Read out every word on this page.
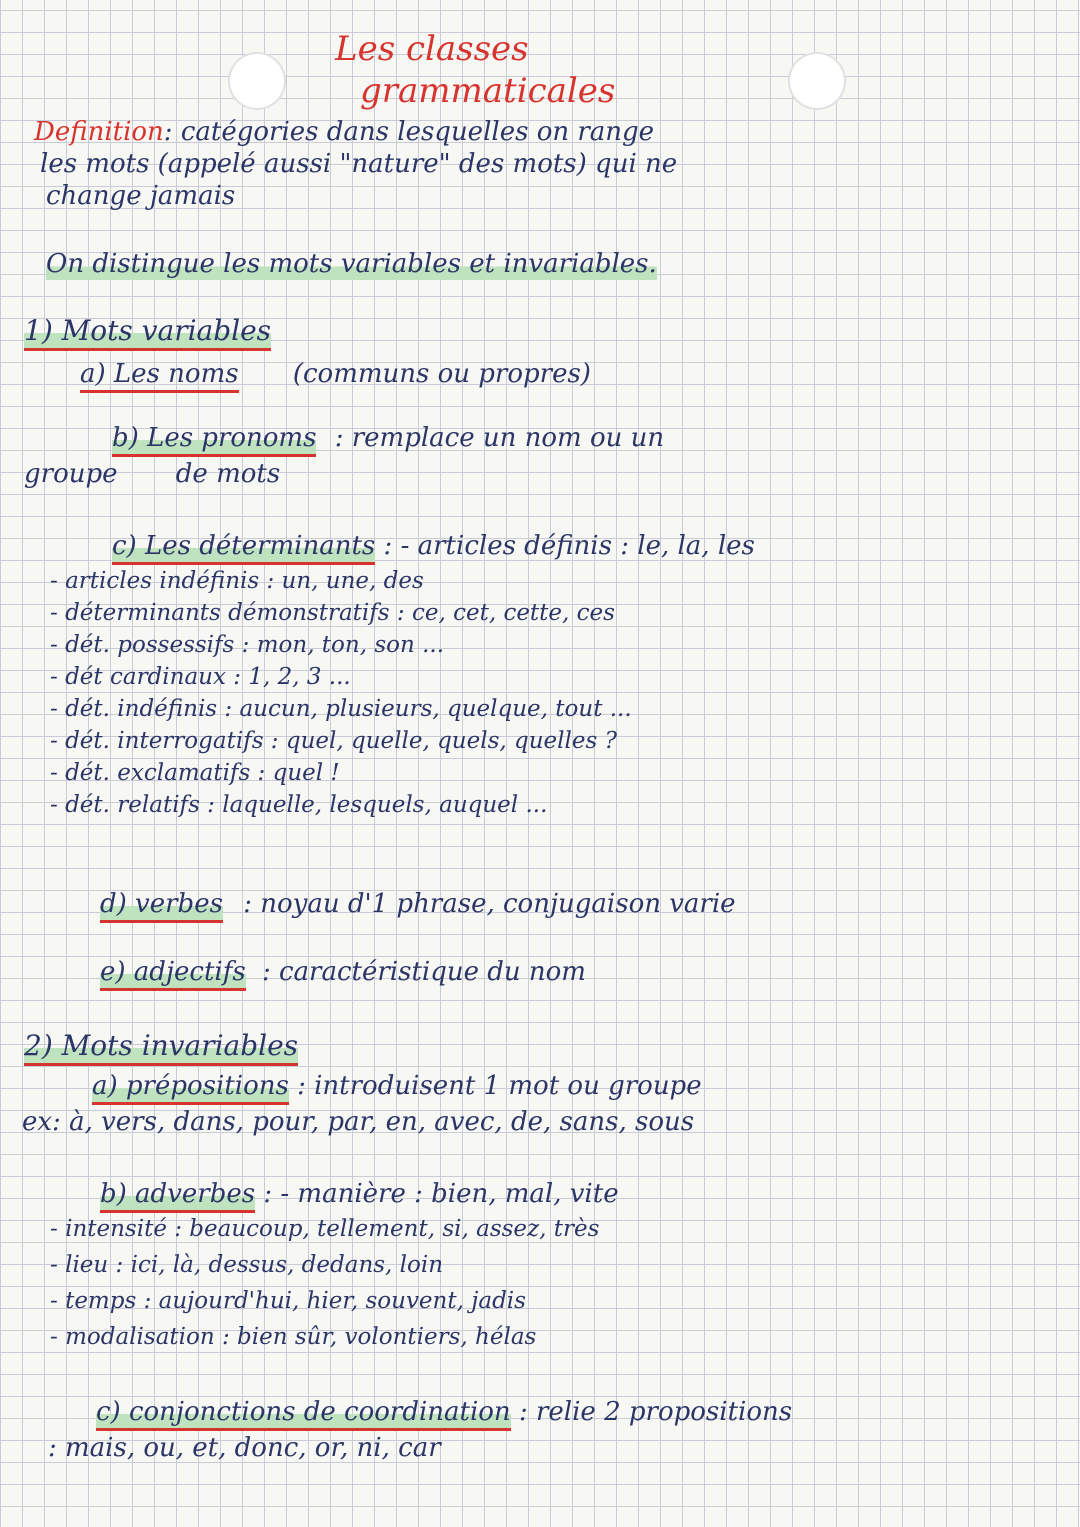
Les classes
grammaticales
Definition: catégories dans lesquelles on range
les mots (appelé aussi "nature" des mots) qui ne
change jamais
On distingue les mots variables et invariables.
1) Mots variables
a) Les noms (communs ou propres)
b) Les pronoms : remplace un nom ou un
groupe de mots
c) Les déterminants : - articles définis : le, la, les
- articles indéfinis : un, une, des
- déterminants démonstratifs : ce, cet, cette, ces
- dét. possessifs : mon, ton, son ...
- dét cardinaux : 1, 2, 3 ...
- dét. indéfinis : aucun, plusieurs, quelque, tout ...
- dét. interrogatifs : quel, quelle, quels, quelles ?
- dét. exclamatifs : quel !
- dét. relatifs : laquelle, lesquels, auquel ...
d) verbes : noyau d'1 phrase, conjugaison varie
e) adjectifs : caractéristique du nom
2) Mots invariables
a) prépositions : introduisent 1 mot ou groupe
ex: à, vers, dans, pour, par, en, avec, de, sans, sous
b) adverbes : - manière : bien, mal, vite
- intensité : beaucoup, tellement, si, assez, très
- lieu : ici, là, dessus, dedans, loin
- temps : aujourd'hui, hier, souvent, jadis
- modalisation : bien sûr, volontiers, hélas
c) conjonctions de coordination : relie 2 propositions
: mais, ou, et, donc, or, ni, car
